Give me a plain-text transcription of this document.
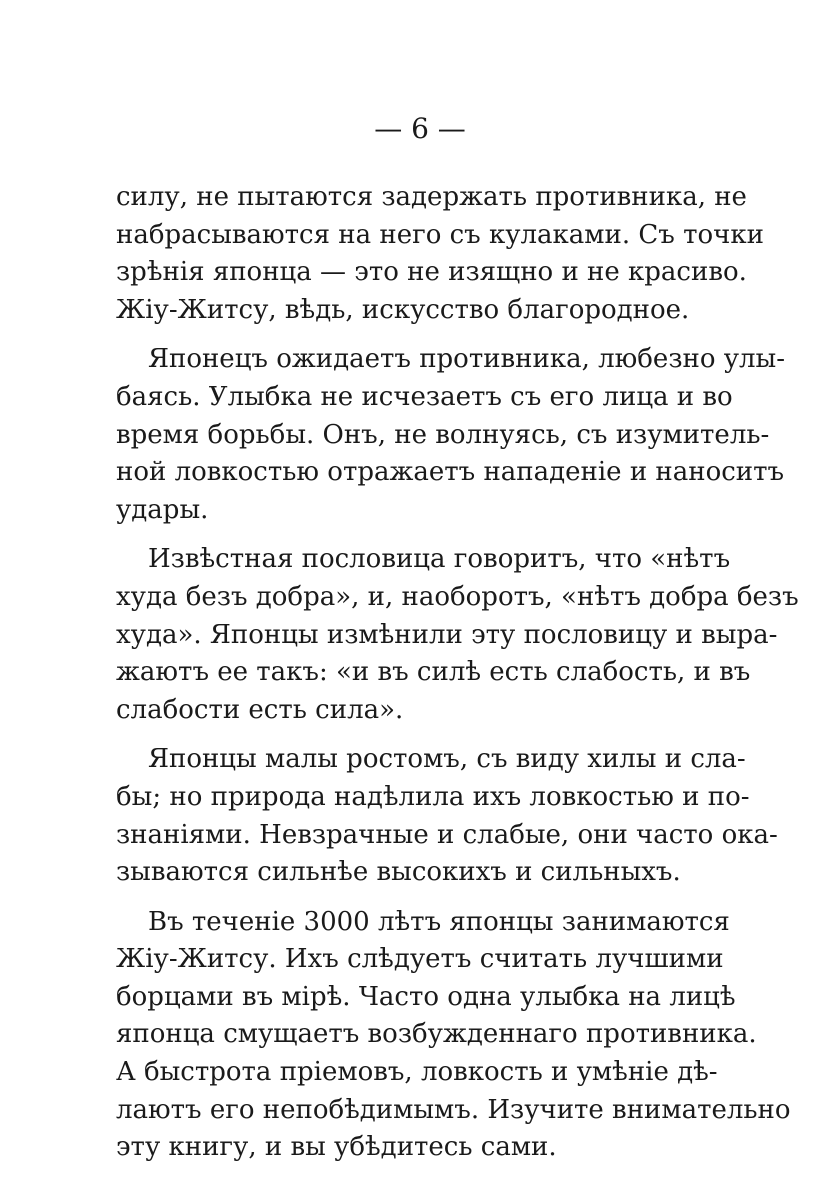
— 6 —
силу, не пытаются задержать противника, не
набрасываются на него съ кулаками. Съ точки
зрѣнія японца — это не изящно и не красиво.
Жіу-Житсу, вѣдь, искусство благородное.
Японецъ ожидаетъ противника, любезно улы-
баясь. Улыбка не исчезаетъ съ его лица и во
время борьбы. Онъ, не волнуясь, съ изумитель-
ной ловкостью отражаетъ нападеніе и наноситъ
удары.
Извѣстная пословица говоритъ, что «нѣтъ
худа безъ добра», и, наоборотъ, «нѣтъ добра безъ
худа». Японцы измѣнили эту пословицу и выра-
жаютъ ее такъ: «и въ силѣ есть слабость, и въ
слабости есть сила».
Японцы малы ростомъ, съ виду хилы и сла-
бы; но природа надѣлила ихъ ловкостью и по-
знаніями. Невзрачные и слабые, они часто ока-
зываются сильнѣе высокихъ и сильныхъ.
Въ теченіе 3000 лѣтъ японцы занимаются
Жіу-Житсу. Ихъ слѣдуетъ считать лучшими
борцами въ мірѣ. Часто одна улыбка на лицѣ
японца смущаетъ возбужденнаго противника.
А быстрота пріемовъ, ловкость и умѣніе дѣ-
лаютъ его непобѣдимымъ. Изучите внимательно
эту книгу, и вы убѣдитесь сами.
